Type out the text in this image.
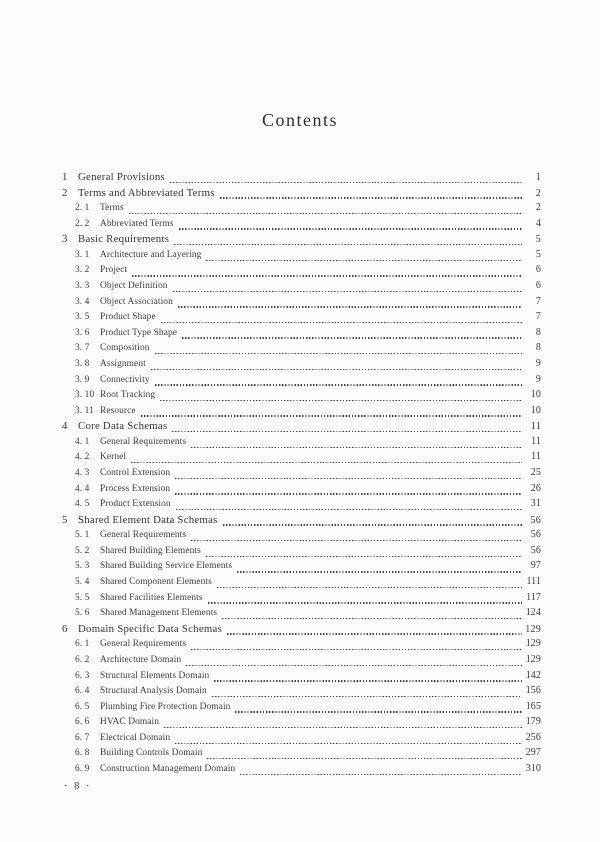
Contents
1 General Provisions	1
2 Terms and Abbreviated Terms	2
2. 1	Terms	2
2. 2	Abbreviated Terms	4
3 Basic Requirements	5
3. 1	Architecture and Layering	5
3. 2	Project	6
3. 3	Object Definition	6
3. 4	Object Association	7
3. 5	Product Shape	7
3. 6	Product Type Shape	8
3. 7	Composition	8
3. 8	Assignment	9
3. 9	Connectivity	9
3. 10 Root Tracking	10
3. 11 Resource	10
4 Core Data Schemas	11
4. 1	General Requirements	11
4. 2	Kernel	11
4. 3	Control Extension	25
4. 4	Process Extension	26
4. 5	Product Extension	31
5 Shared Element Data Schemas	56
5. 1	General Requirements	56
5. 2	Shared Building Elements	56
5. 3	Shared Building Service Elements	97
5. 4	Shared Component Elements	111
5. 5	Shared Facilities Elements	117
5. 6	Shared Management Elements	124
6 Domain Specific Data Schemas	129
6. 1	General Requirements	129
6. 2	Architecture Domain	129
6. 3	Structural Elements Domain	142
6. 4	Structural Analysis Domain	156
6. 5	Plumbing Fire Protection Domain	165
6. 6	HVAC Domain	179
6. 7	Electrical Domain	256
6. 8	Building Controls Domain	297
6. 9	Construction Management Domain	310
· 8 ·
